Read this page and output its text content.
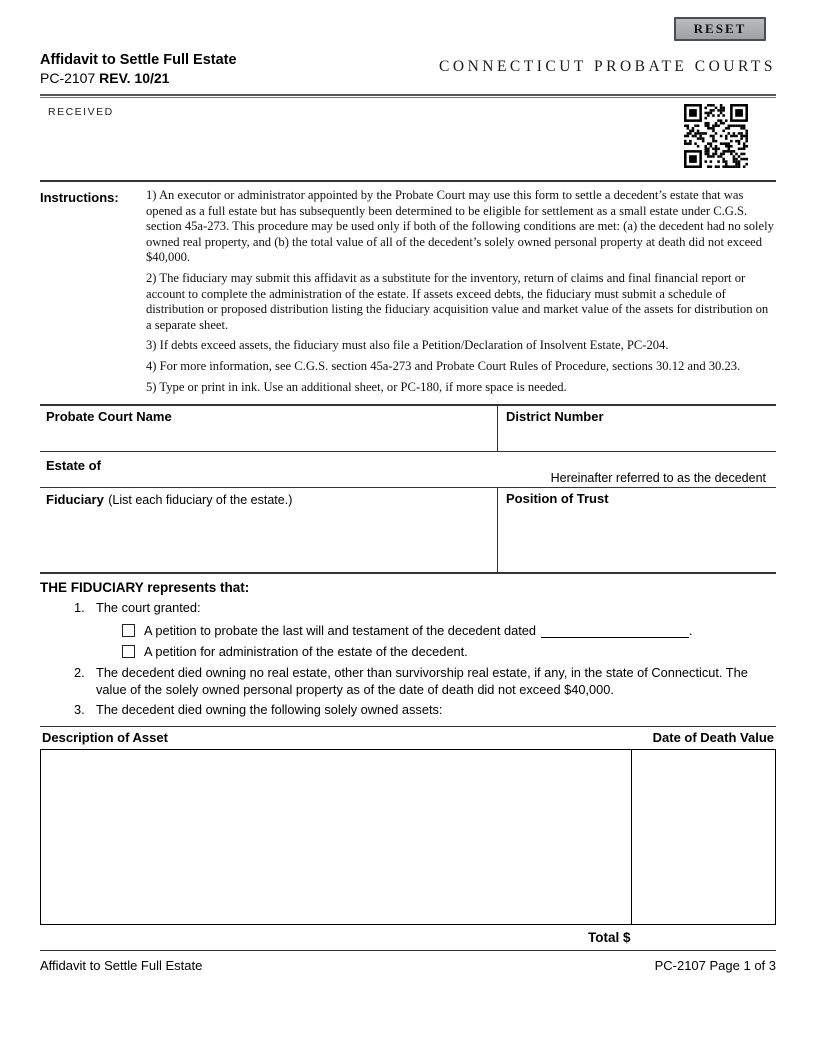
RESET
Affidavit to Settle Full Estate
PC-2107 REV. 10/21
CONNECTICUT PROBATE COURTS
RECEIVED
Instructions:	1) An executor or administrator appointed by the Probate Court may use this form to settle a decedent’s estate that was opened as a full estate but has subsequently been determined to be eligible for settlement as a small estate under C.G.S. section 45a-273. This procedure may be used only if both of the following conditions are met: (a) the decedent had no solely owned real property, and (b) the total value of all of the decedent’s solely owned personal property at death did not exceed $40,000.

2) The fiduciary may submit this affidavit as a substitute for the inventory, return of claims and final financial report or account to complete the administration of the estate. If assets exceed debts, the fiduciary must submit a schedule of distribution or proposed distribution listing the fiduciary acquisition value and market value of the assets for distribution on a separate sheet.

3) If debts exceed assets, the fiduciary must also file a Petition/Declaration of Insolvent Estate, PC-204.

4) For more information, see C.G.S. section 45a-273 and Probate Court Rules of Procedure, sections 30.12 and 30.23.

5) Type or print in ink. Use an additional sheet, or PC-180, if more space is needed.

Probate Court Name	District Number
Estate of
Hereinafter referred to as the decedent
Fiduciary (List each fiduciary of the estate.)	Position of Trust
THE FIDUCIARY represents that:
1. The court granted:
A petition to probate the last will and testament of the decedent dated	.
A petition for administration of the estate of the decedent.
2. The decedent died owning no real estate, other than survivorship real estate, if any, in the state of Connecticut. The value of the solely owned personal property as of the date of death did not exceed $40,000.
3. The decedent died owning the following solely owned assets:
Description of Asset	Date of Death Value
Total $
Affidavit to Settle Full Estate	PC-2107 Page 1 of 3
